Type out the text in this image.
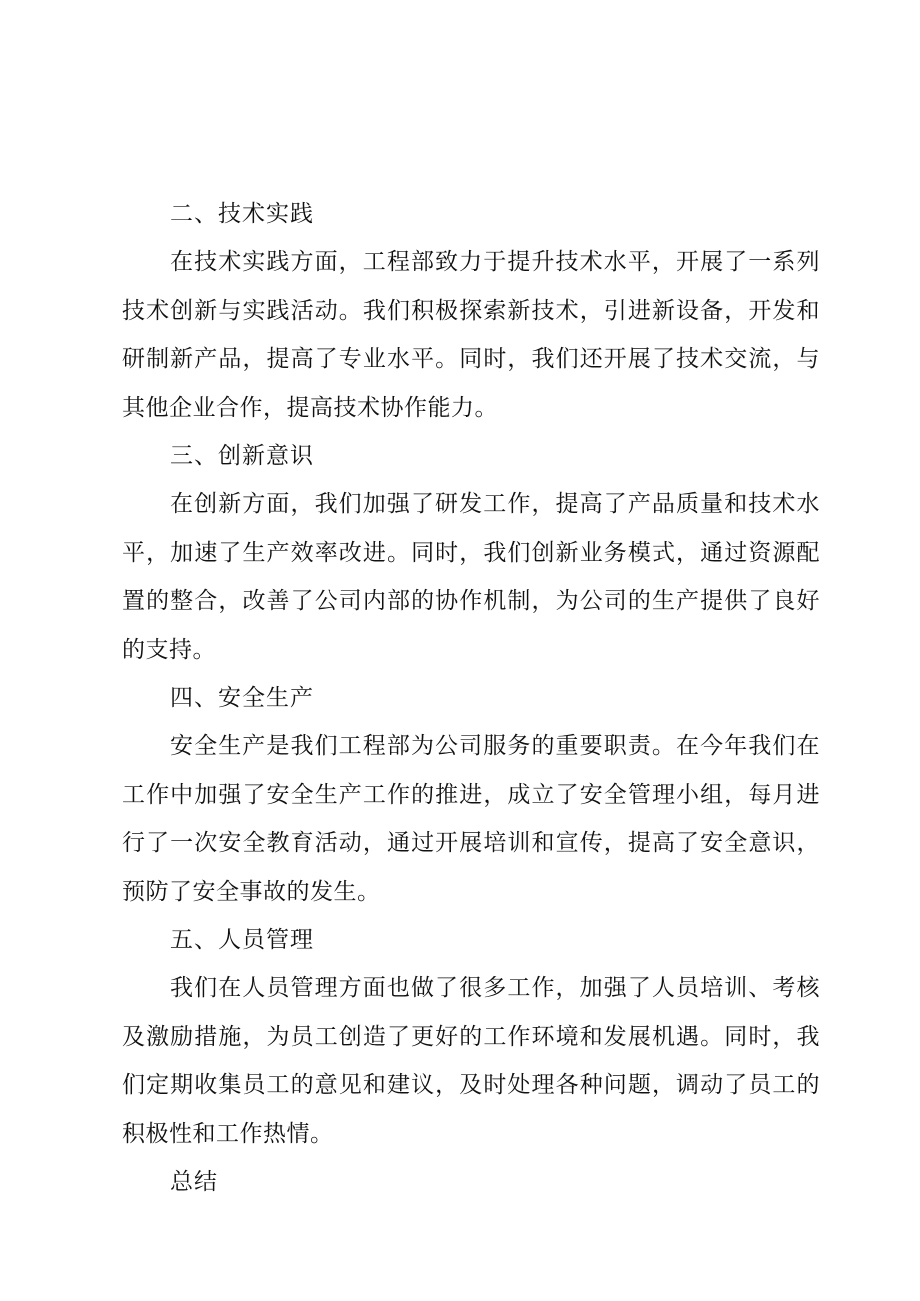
二、技术实践

在技术实践方面，工程部致力于提升技术水平，开展了一系列技术创新与实践活动。我们积极探索新技术，引进新设备，开发和研制新产品，提高了专业水平。同时，我们还开展了技术交流，与其他企业合作，提高技术协作能力。

三、创新意识

在创新方面，我们加强了研发工作，提高了产品质量和技术水平，加速了生产效率改进。同时，我们创新业务模式，通过资源配置的整合，改善了公司内部的协作机制，为公司的生产提供了良好的支持。

四、安全生产

安全生产是我们工程部为公司服务的重要职责。在今年我们在工作中加强了安全生产工作的推进，成立了安全管理小组，每月进行了一次安全教育活动，通过开展培训和宣传，提高了安全意识，预防了安全事故的发生。

五、人员管理

我们在人员管理方面也做了很多工作，加强了人员培训、考核及激励措施，为员工创造了更好的工作环境和发展机遇。同时，我们定期收集员工的意见和建议，及时处理各种问题，调动了员工的积极性和工作热情。

总结
